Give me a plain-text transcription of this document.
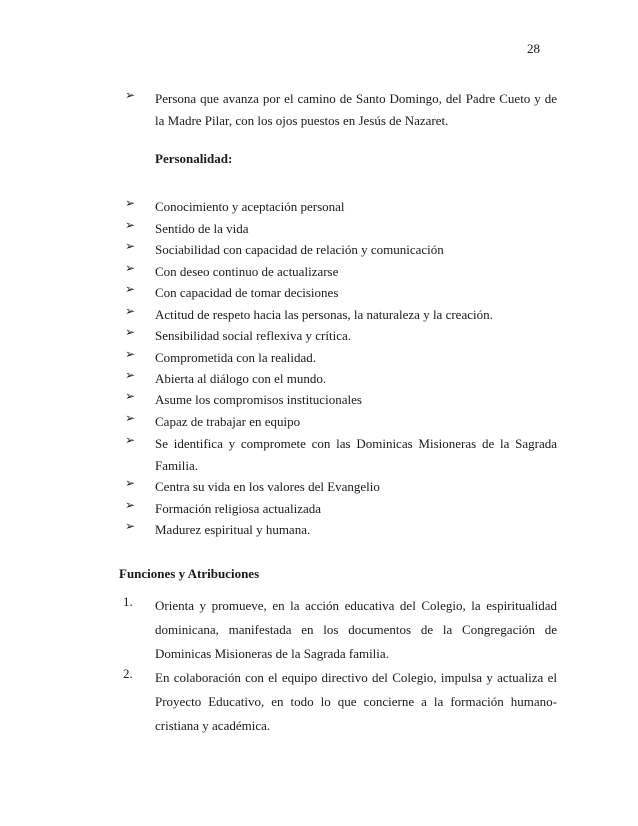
28
➢ Persona que avanza por el camino de Santo Domingo, del Padre Cueto y de la Madre Pilar, con los ojos puestos en Jesús de Nazaret.
Personalidad:
➢ Conocimiento y aceptación personal
➢ Sentido de la vida
➢ Sociabilidad con capacidad de relación y comunicación
➢ Con deseo continuo de actualizarse
➢ Con capacidad de tomar decisiones
➢ Actitud de respeto hacia las personas, la naturaleza y la creación.
➢ Sensibilidad social reflexiva y crítica.
➢ Comprometida con la realidad.
➢ Abierta al diálogo con el mundo.
➢ Asume los compromisos institucionales
➢ Capaz de trabajar en equipo
➢ Se identifica y compromete con las Dominicas Misioneras de la Sagrada Familia.
➢ Centra su vida en los valores del Evangelio
➢ Formación religiosa actualizada
➢ Madurez espiritual y humana.
Funciones y Atribuciones
1. Orienta y promueve, en la acción educativa del Colegio, la espiritualidad dominicana, manifestada en los documentos de la Congregación de Dominicas Misioneras de la Sagrada familia.
2. En colaboración con el equipo directivo del Colegio, impulsa y actualiza el Proyecto Educativo, en todo lo que concierne a la formación humano-cristiana y académica.
